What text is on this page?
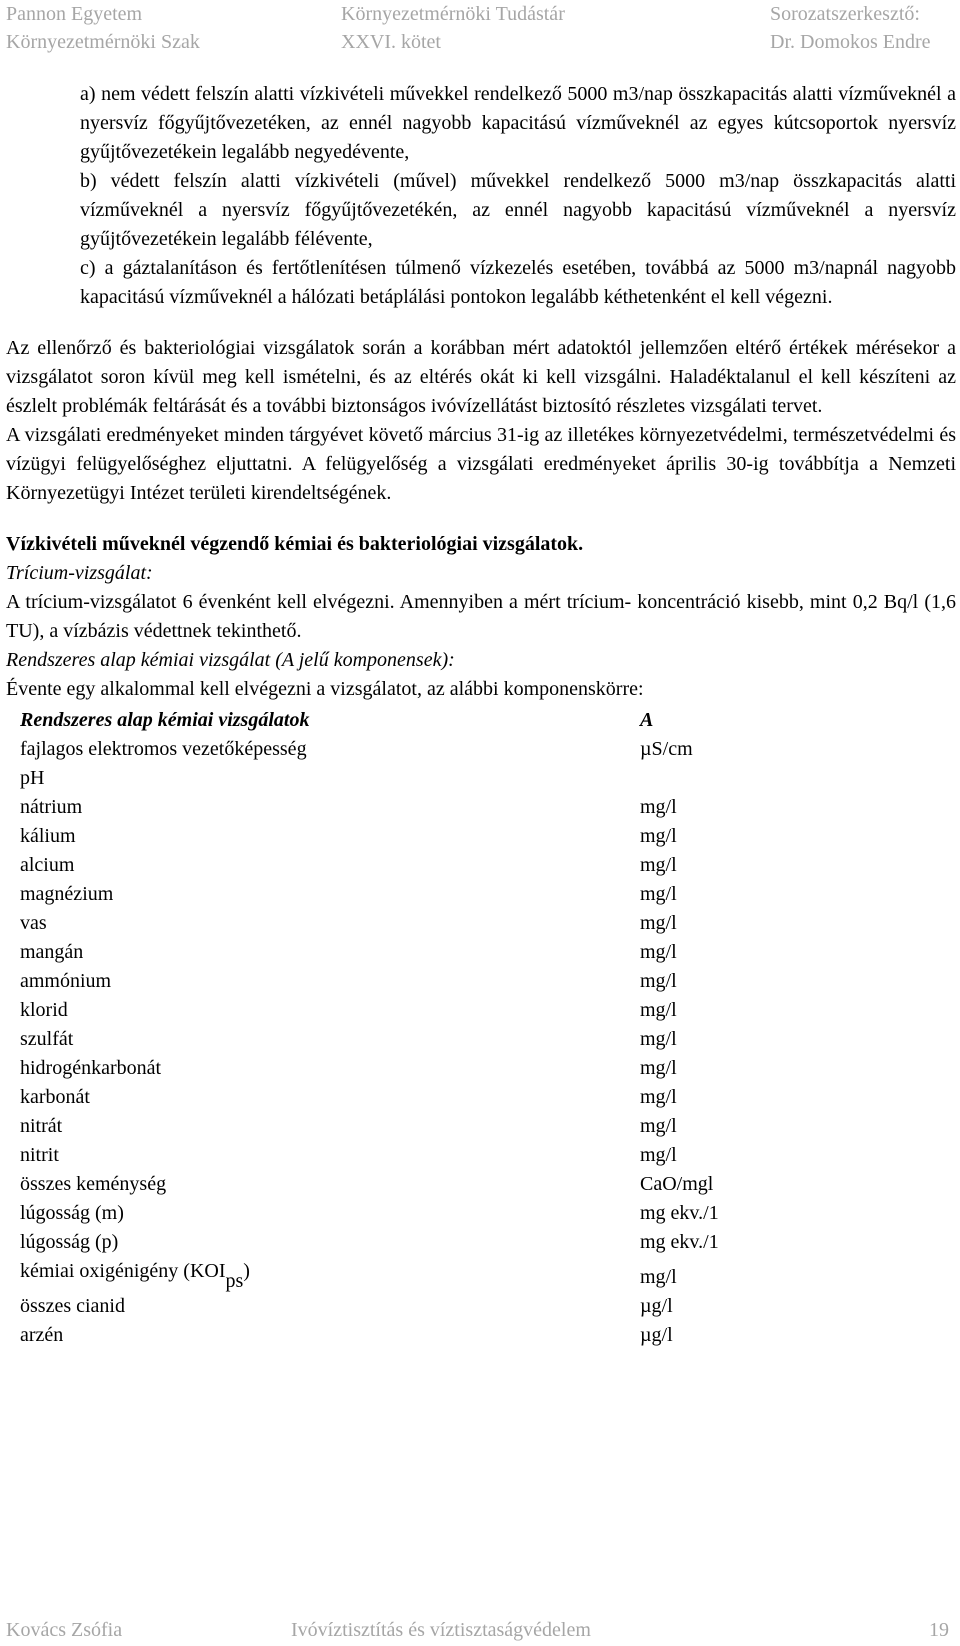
Pannon Egyetem
Környezetmérnöki Szak
Környezetmérnöki Tudástár
XXVI. kötet
Sorozatszerkesztő:
Dr. Domokos Endre

a) nem védett felszín alatti vízkivételi művekkel rendelkező 5000 m3/nap összkapacitás alatti vízműveknél a nyersvíz főgyűjtővezetéken, az ennél nagyobb kapacitású vízműveknél az egyes kútcsoportok nyersvíz gyűjtővezetékein legalább negyedévente,

b) védett felszín alatti vízkivételi (művel) művekkel rendelkező 5000 m3/nap összkapacitás alatti vízműveknél a nyersvíz főgyűjtővezetékén, az ennél nagyobb kapacitású vízműveknél a nyersvíz gyűjtővezetékein legalább félévente,

c) a gáztalanításon és fertőtlenítésen túlmenő vízkezelés esetében, továbbá az 5000 m3/napnál nagyobb kapacitású vízműveknél a hálózati betáplálási pontokon legalább kéthetenként el kell végezni.

Az ellenőrző és bakteriológiai vizsgálatok során a korábban mért adatoktól jellemzően eltérő értékek mérésekor a vizsgálatot soron kívül meg kell ismételni, és az eltérés okát ki kell vizsgálni. Haladéktalanul el kell készíteni az észlelt problémák feltárását és a további biztonságos ivóvízellátást biztosító részletes vizsgálati tervet.

A vizsgálati eredményeket minden tárgyévet követő március 31-ig az illetékes környezetvédelmi, természetvédelmi és vízügyi felügyelőséghez eljuttatni. A felügyelőség a vizsgálati eredményeket április 30-ig továbbítja a Nemzeti Környezetügyi Intézet területi kirendeltségének.

Vízkivételi műveknél végzendő kémiai és bakteriológiai vizsgálatok.

Trícium-vizsgálat:

A trícium-vizsgálatot 6 évenként kell elvégezni. Amennyiben a mért trícium- koncentráció kisebb, mint 0,2 Bq/l (1,6 TU), a vízbázis védettnek tekinthető.

Rendszeres alap kémiai vizsgálat (A jelű komponensek):

Évente egy alkalommal kell elvégezni a vizsgálatot, az alábbi komponenskörre:

Rendszeres alap kémiai vizsgálatok	A
fajlagos elektromos vezetőképesség	µS/cm
pH	
nátrium	mg/l
kálium	mg/l
alcium	mg/l
magnézium	mg/l
vas	mg/l
mangán	mg/l
ammónium	mg/l
klorid	mg/l
szulfát	mg/l
hidrogénkarbonát	mg/l
karbonát	mg/l
nitrát	mg/l
nitrit	mg/l
összes keménység	CaO/mgl
lúgosság (m)	mg ekv./1
lúgosság (p)	mg ekv./1
kémiai oxigénigény $(KOI_{ps})$	mg/l
összes cianid	µg/l
arzén	µg/l
Kovács Zsófia	Ivóvíztisztítás és víztisztaságvédelem	19
